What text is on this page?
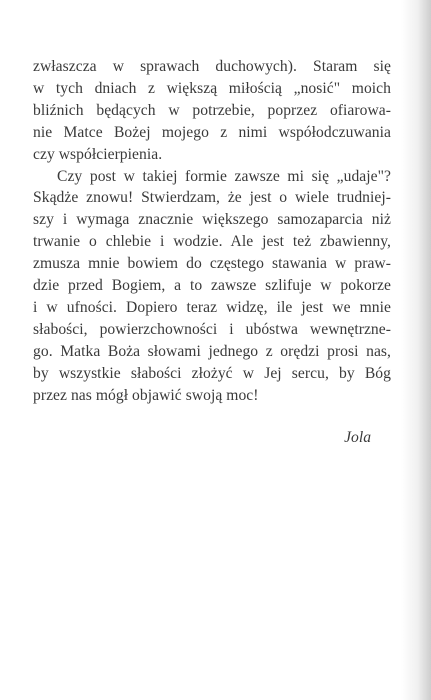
zwłaszcza w sprawach duchowych). Staram się
w tych dniach z większą miłością „nosić" moich
bliźnich będących w potrzebie, poprzez ofiarowa-
nie Matce Bożej mojego z nimi współodczuwania
czy współcierpienia.

Czy post w takiej formie zawsze mi się „udaje"?
Skądże znowu! Stwierdzam, że jest o wiele trudniej-
szy i wymaga znacznie większego samozaparcia niż
trwanie o chlebie i wodzie. Ale jest też zbawienny,
zmusza mnie bowiem do częstego stawania w praw-
dzie przed Bogiem, a to zawsze szlifuje w pokorze
i w ufności. Dopiero teraz widzę, ile jest we mnie
słabości, powierzchowności i ubóstwa wewnętrzne-
go. Matka Boża słowami jednego z orędzi prosi nas,
by wszystkie słabości złożyć w Jej sercu, by Bóg
przez nas mógł objawić swoją moc!

Jola
